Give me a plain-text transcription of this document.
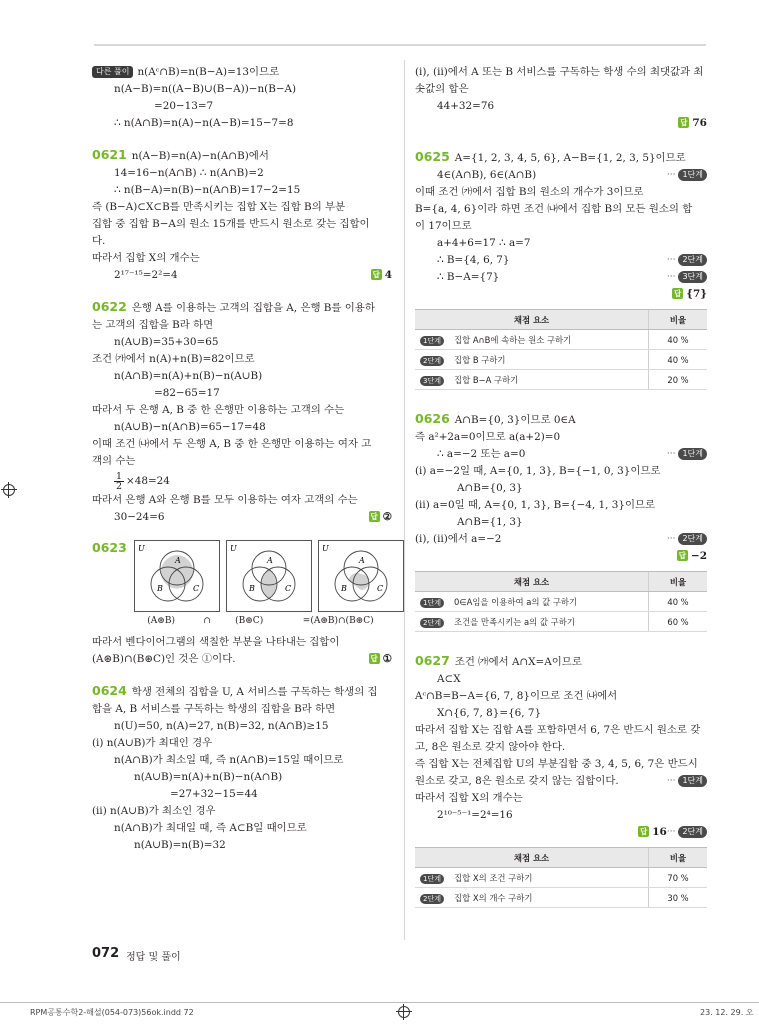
다른 풀이 n(Aᶜ∩B)=n(B−A)=13이므로
n(A−B)=n((A−B)∪(B−A))−n(B−A)
=20−13=7
∴ n(A∩B)=n(A)−n(A−B)=15−7=8
0621 n(A−B)=n(A)−n(A∩B)에서
14=16−n(A∩B) ∴ n(A∩B)=2
∴ n(B−A)=n(B)−n(A∩B)=17−2=15
즉 (B−A)⊂X⊂B를 만족시키는 집합 X는 집합 B의 부분
집합 중 집합 B−A의 원소 15개를 반드시 원소로 갖는 집합이
다.
따라서 집합 X의 개수는
2¹⁷⁻¹⁵=2²=4	답 4
0622 은행 A를 이용하는 고객의 집합을 A, 은행 B를 이용하
는 고객의 집합을 B라 하면
n(A∪B)=35+30=65
조건 ㈎에서 n(A)+n(B)=82이므로
n(A∩B)=n(A)+n(B)−n(A∪B)
=82−65=17
따라서 두 은행 A, B 중 한 은행만 이용하는 고객의 수는
n(A∪B)−n(A∩B)=65−17=48
이때 조건 ㈏에서 두 은행 A, B 중 한 은행만 이용하는 여자 고
객의 수는
$\frac{1}{2} \times 48=24$
따라서 은행 A와 은행 B를 모두 이용하는 여자 고객의 수는
30−24=6	답 ②
0623 U
A
B	C
U
A
B	C
U
A
B	C
(A⊛B)	∩	(B⊛C)	=(A⊛B)∩(B⊛C)
따라서 벤다이어그램의 색칠한 부분을 나타내는 집합이
(A⊛B)∩(B⊛C)인 것은 ①이다.	답 ①
0624 학생 전체의 집합을 U, A 서비스를 구독하는 학생의 집
합을 A, B 서비스를 구독하는 학생의 집합을 B라 하면
n(U)=50, n(A)=27, n(B)=32, n(A∩B)≥15
(ⅰ) n(A∪B)가 최대인 경우
n(A∩B)가 최소일 때, 즉 n(A∩B)=15일 때이므로
n(A∪B)=n(A)+n(B)−n(A∩B)
=27+32−15=44
(ⅱ) n(A∪B)가 최소인 경우
n(A∩B)가 최대일 때, 즉 A⊂B일 때이므로
n(A∪B)=n(B)=32
(ⅰ), (ⅱ)에서 A 또는 B 서비스를 구독하는 학생 수의 최댓값과 최
솟값의 합은
44+32=76
답 76
0625 A={1, 2, 3, 4, 5, 6}, A−B={1, 2, 3, 5}이므로
4∈(A∩B), 6∈(A∩B)	··· 1단계
이때 조건 ㈎에서 집합 B의 원소의 개수가 3이므로
B={a, 4, 6}이라 하면 조건 ㈏에서 집합 B의 모든 원소의 합
이 17이므로
a+4+6=17 ∴ a=7
∴ B={4, 6, 7}	··· 2단계
∴ B−A={7}	··· 3단계
답 {7}
채점 요소	비율
1단계 집합 A∩B에 속하는 원소 구하기	40 %
2단계 집합 B 구하기	40 %
3단계 집합 B−A 구하기	20 %
0626 A∩B={0, 3}이므로 0∈A
즉 a²+2a=0이므로 a(a+2)=0
∴ a=−2 또는 a=0	··· 1단계
(ⅰ) a=−2일 때, A={0, 1, 3}, B={−1, 0, 3}이므로
A∩B={0, 3}
(ⅱ) a=0일 때, A={0, 1, 3}, B={−4, 1, 3}이므로
A∩B={1, 3}
(ⅰ), (ⅱ)에서 a=−2	··· 2단계
답 −2
채점 요소	비율
1단계 0∈A임을 이용하여 a의 값 구하기	40 %
2단계 조건을 만족시키는 a의 값 구하기	60 %
0627 조건 ㈎에서 A∩X=A이므로
A⊂X
Aᶜ∩B=B−A={6, 7, 8}이므로 조건 ㈏에서
X∩{6, 7, 8}={6, 7}
따라서 집합 X는 집합 A를 포함하면서 6, 7은 반드시 원소로 갖
고, 8은 원소로 갖지 않아야 한다.
즉 집합 X는 전체집합 U의 부분집합 중 3, 4, 5, 6, 7은 반드시
원소로 갖고, 8은 원소로 갖지 않는 집합이다.	··· 1단계
따라서 집합 X의 개수는
2¹⁰⁻⁵⁻¹=2⁴=16
··· 2단계
답 16
채점 요소	비율
1단계 집합 X의 조건 구하기	70 %
2단계 집합 X의 개수 구하기	30 %
072 정답 및 풀이
RPM공통수학2-해설(054-073)56ok.indd 72	23. 12. 29. 오
